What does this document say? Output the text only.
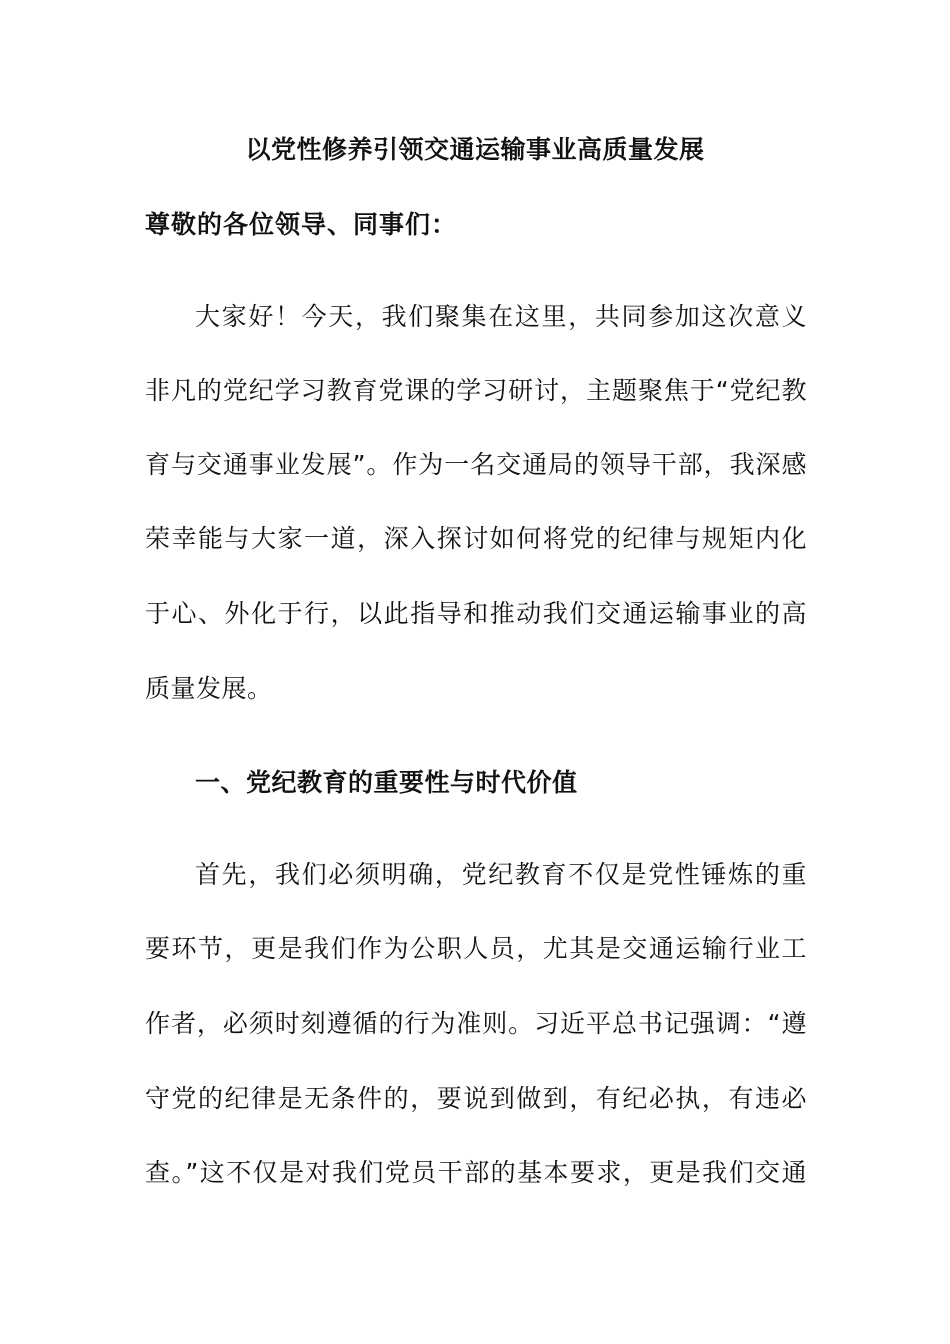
以党性修养引领交通运输事业高质量发展
尊敬的各位领导、同事们：
大家好！今天，我们聚集在这里，共同参加这次意义
非凡的党纪学习教育党课的学习研讨，主题聚焦于“党纪教
育与交通事业发展”。作为一名交通局的领导干部，我深感
荣幸能与大家一道，深入探讨如何将党的纪律与规矩内化
于心、外化于行，以此指导和推动我们交通运输事业的高
质量发展。
一、党纪教育的重要性与时代价值
首先，我们必须明确，党纪教育不仅是党性锤炼的重
要环节，更是我们作为公职人员，尤其是交通运输行业工
作者，必须时刻遵循的行为准则。习近平总书记强调：“遵
守党的纪律是无条件的，要说到做到，有纪必执，有违必
查。”这不仅是对我们党员干部的基本要求，更是我们交通
